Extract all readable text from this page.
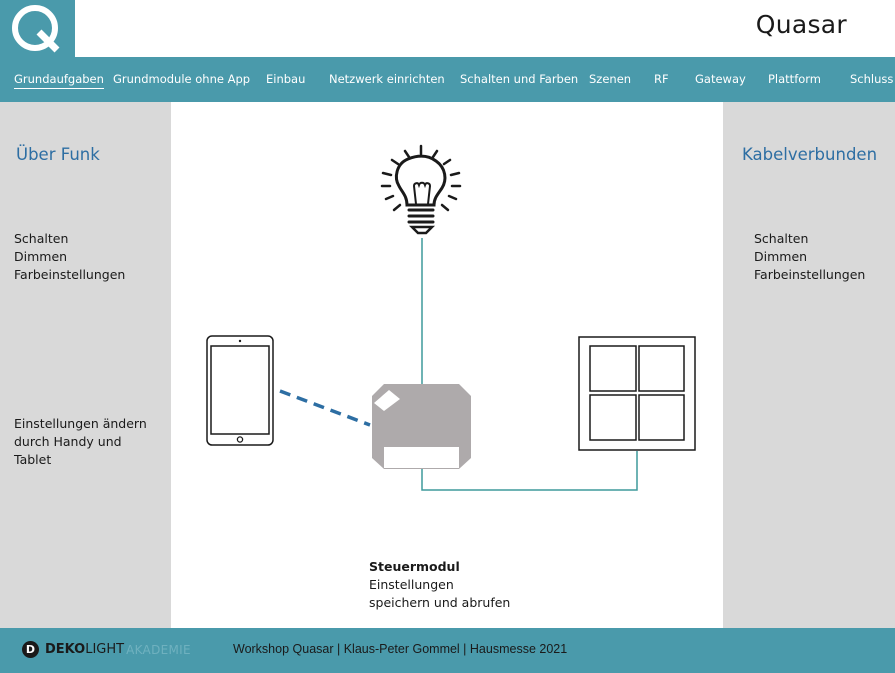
Quasar
Grundaufgaben Grundmodule ohne App Einbau Netzwerk einrichten Schalten und Farben Szenen RF Gateway Plattform	Schluss
Über Funk
Schalten
Dimmen
Farbeinstellungen
Einstellungen ändern
durch Handy und
Tablet
Kabelverbunden
Schalten
Dimmen
Farbeinstellungen
Steuermodul
Einstellungen
speichern und abrufen
D DEKO LIGHT AKADEMIE	Workshop Quasar | Klaus-Peter Gommel | Hausmesse 2021
